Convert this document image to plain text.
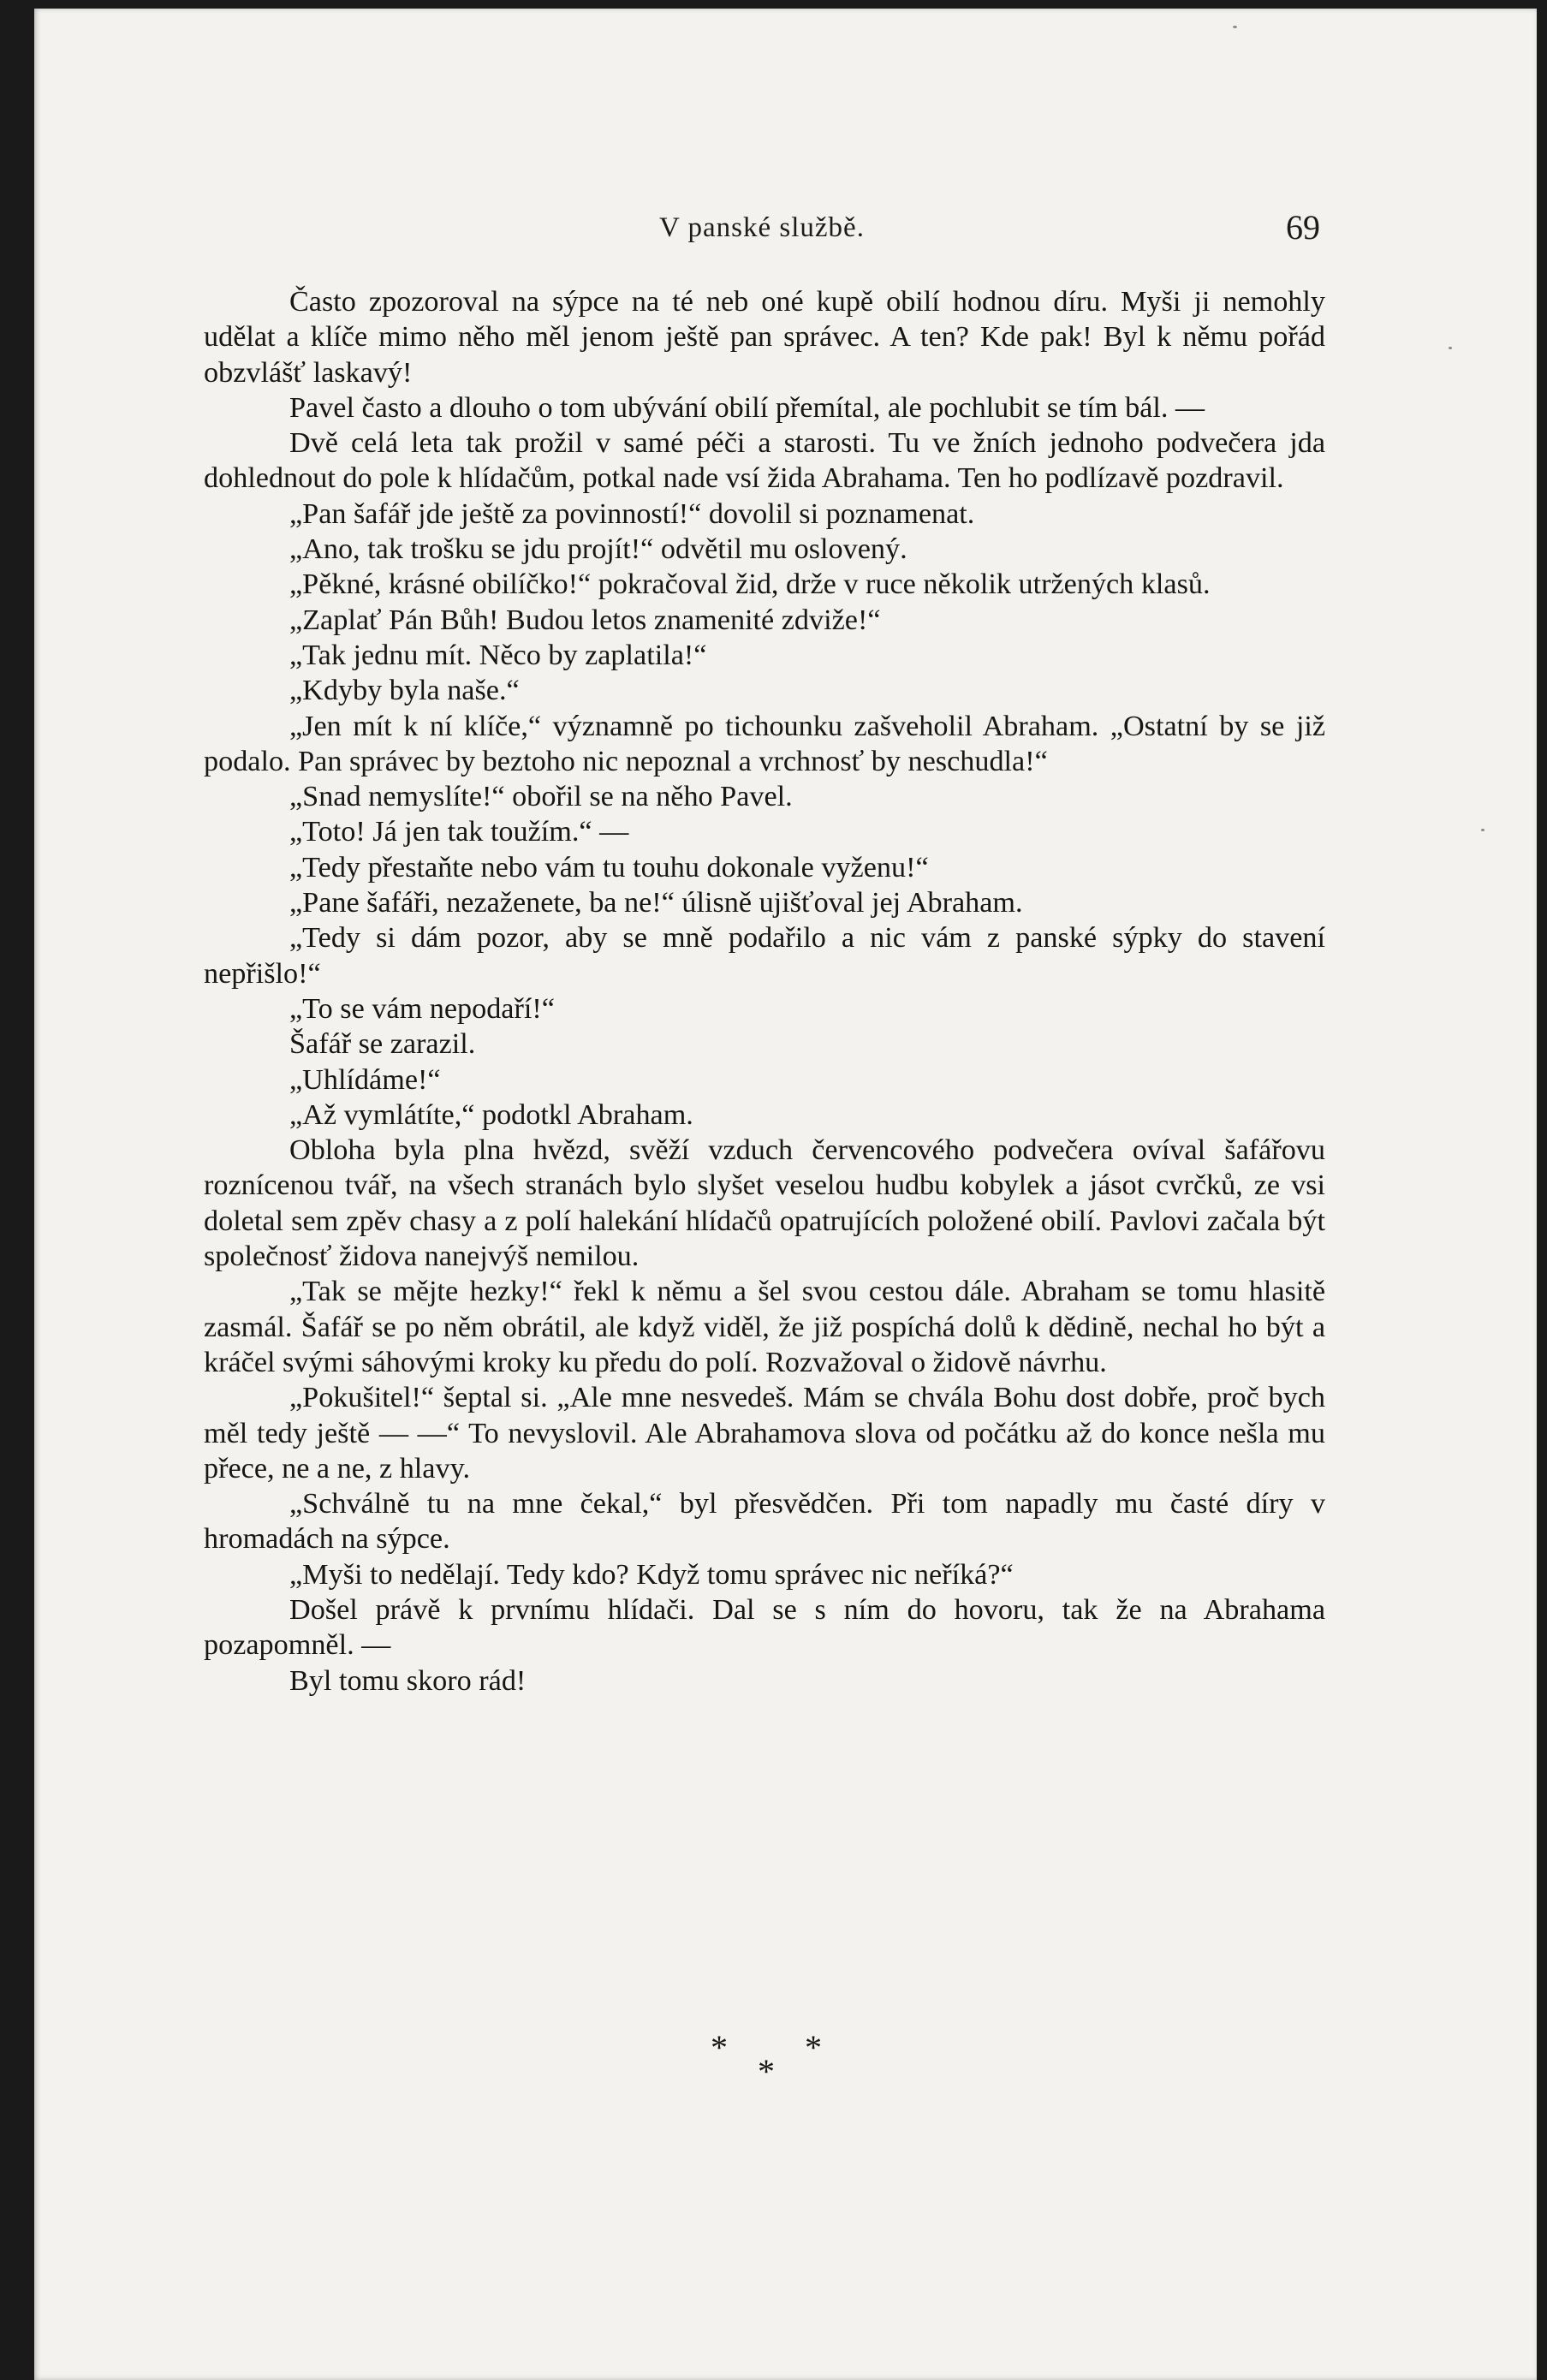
V panské službě.	69

Často zpozoroval na sýpce na té neb oné kupě obilí hodnou díru. Myši ji nemohly udělat a klíče mimo něho měl jenom ještě pan správec. A ten? Kde pak! Byl k němu pořád obzvlášť laskavý!

Pavel často a dlouho o tom ubývání obilí přemítal, ale pochlubit se tím bál. —

Dvě celá leta tak prožil v samé péči a starosti. Tu ve žních jednoho podvečera jda dohlednout do pole k hlídačům, potkal nade vsí žida Abrahama. Ten ho podlízavě pozdravil.

„Pan šafář jde ještě za povinností!“ dovolil si poznamenat.

„Ano, tak trošku se jdu projít!“ odvětil mu oslovený.

„Pěkné, krásné obilíčko!“ pokračoval žid, drže v ruce několik utržených klasů.

„Zaplať Pán Bůh! Budou letos znamenité zdviže!“

„Tak jednu mít. Něco by zaplatila!“

„Kdyby byla naše.“

„Jen mít k ní klíče,“ významně po tichounku zašveholil Abraham. „Ostatní by se již podalo. Pan správec by beztoho nic nepoznal a vrchnosť by neschudla!“

„Snad nemyslíte!“ obořil se na něho Pavel.

„Toto! Já jen tak toužím.“ —

„Tedy přestaňte nebo vám tu touhu dokonale vyženu!“

„Pane šafáři, nezaženete, ba ne!“ úlisně ujišťoval jej Abraham.

„Tedy si dám pozor, aby se mně podařilo a nic vám z panské sýpky do stavení nepřišlo!“

„To se vám nepodaří!“

Šafář se zarazil.

„Uhlídáme!“

„Až vymlátíte,“ podotkl Abraham.

Obloha byla plna hvězd, svěží vzduch červencového podvečera ovíval šafářovu roznícenou tvář, na všech stranách bylo slyšet veselou hudbu kobylek a jásot cvrčků, ze vsi doletal sem zpěv chasy a z polí halekání hlídačů opatrujících položené obilí. Pavlovi začala být společnosť židova nanejvýš nemilou.

„Tak se mějte hezky!“ řekl k němu a šel svou cestou dále. Abraham se tomu hlasitě zasmál. Šafář se po něm obrátil, ale když viděl, že již pospíchá dolů k dědině, nechal ho být a kráčel svými sáhovými kroky ku předu do polí. Rozvažoval o židově návrhu.

„Pokušitel!“ šeptal si. „Ale mne nesvedeš. Mám se chvála Bohu dost dobře, proč bych měl tedy ještě — —“ To nevyslovil. Ale Abrahamova slova od počátku až do konce nešla mu přece, ne a ne, z hlavy.

„Schválně tu na mne čekal,“ byl přesvědčen. Při tom napadly mu časté díry v hromadách na sýpce.

„Myši to nedělají. Tedy kdo? Když tomu správec nic neříká?“

Došel právě k prvnímu hlídači. Dal se s ním do hovoru, tak že na Abrahama pozapomněl. —

Byl tomu skoro rád!

* *
*
